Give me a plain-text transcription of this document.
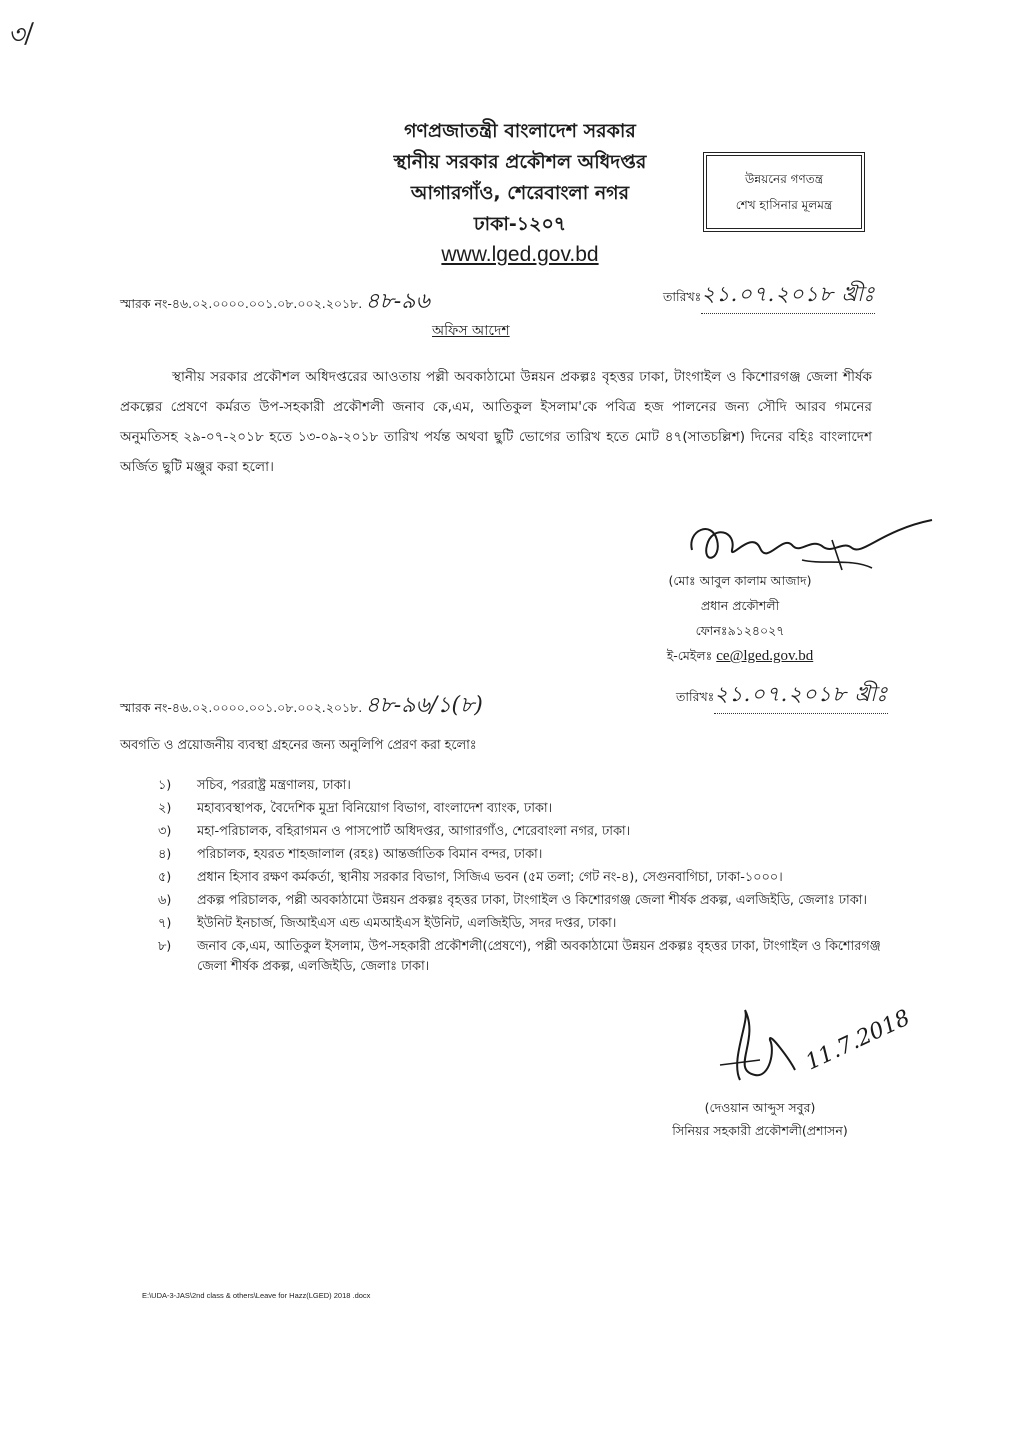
৩/
গণপ্রজাতন্ত্রী বাংলাদেশ সরকার
স্থানীয় সরকার প্রকৌশল অধিদপ্তর
আগারগাঁও, শেরেবাংলা নগর
ঢাকা-১২০৭
www.lged.gov.bd
উন্নয়নের গণতন্ত্র
শেখ হাসিনার মূলমন্ত্র
স্মারক নং-৪৬.০২.০০০০.০০১.০৮.০০২.২০১৮. ৪৮-৯৬	তারিখঃ২১.০৭.২০১৮ খ্রীঃ
অফিস আদেশ
স্থানীয় সরকার প্রকৌশল অধিদপ্তরের আওতায় পল্লী অবকাঠামো উন্নয়ন প্রকল্পঃ বৃহত্তর ঢাকা, টাংগাইল ও কিশোরগঞ্জ জেলা শীর্ষক প্রকল্পের প্রেষণে কর্মরত উপ-সহকারী প্রকৌশলী জনাব কে,এম, আতিকুল ইসলাম'কে পবিত্র হজ পালনের জন্য সৌদি আরব গমনের অনুমতিসহ ২৯-০৭-২০১৮ হতে ১৩-০৯-২০১৮ তারিখ পর্যন্ত অথবা ছুটি ভোগের তারিখ হতে মোট ৪৭(সাতচল্লিশ) দিনের বহিঃ বাংলাদেশ অর্জিত ছুটি মঞ্জুর করা হলো।
(মোঃ আবুল কালাম আজাদ)
প্রধান প্রকৌশলী
ফোনঃ৯১২৪০২৭
ই-মেইলঃ ce@lged.gov.bd
স্মারক নং-৪৬.০২.০০০০.০০১.০৮.০০২.২০১৮. ৪৮-৯৬/১(৮)	তারিখঃ২১.০৭.২০১৮ খ্রীঃ
অবগতি ও প্রয়োজনীয় ব্যবস্থা গ্রহনের জন্য অনুলিপি প্রেরণ করা হলোঃ
১) সচিব, পররাষ্ট্র মন্ত্রণালয়, ঢাকা।
২) মহাব্যবস্থাপক, বৈদেশিক মুদ্রা বিনিয়োগ বিভাগ, বাংলাদেশ ব্যাংক, ঢাকা।
৩) মহা-পরিচালক, বহিরাগমন ও পাসপোর্ট অধিদপ্তর, আগারগাঁও, শেরেবাংলা নগর, ঢাকা।
৪) পরিচালক, হযরত শাহজালাল (রহঃ) আন্তর্জাতিক বিমান বন্দর, ঢাকা।
৫) প্রধান হিসাব রক্ষণ কর্মকর্তা, স্থানীয় সরকার বিভাগ, সিজিএ ভবন (৫ম তলা; গেট নং-৪), সেগুনবাগিচা, ঢাকা-১০০০।
৬) প্রকল্প পরিচালক, পল্লী অবকাঠামো উন্নয়ন প্রকল্পঃ বৃহত্তর ঢাকা, টাংগাইল ও কিশোরগঞ্জ জেলা শীর্ষক প্রকল্প, এলজিইডি, জেলাঃ ঢাকা।
৭) ইউনিট ইনচার্জ, জিআইএস এন্ড এমআইএস ইউনিট, এলজিইডি, সদর দপ্তর, ঢাকা।
৮) জনাব কে,এম, আতিকুল ইসলাম, উপ-সহকারী প্রকৌশলী(প্রেষণে), পল্লী অবকাঠামো উন্নয়ন প্রকল্পঃ বৃহত্তর ঢাকা, টাংগাইল ও কিশোরগঞ্জ জেলা শীর্ষক প্রকল্প, এলজিইডি, জেলাঃ ঢাকা।
11.7.2018
(দেওয়ান আব্দুস সবুর)
সিনিয়র সহকারী প্রকৌশলী(প্রশাসন)
E:\UDA-3-JAS\2nd class & others\Leave for Hazz(LGED) 2018 .docx
